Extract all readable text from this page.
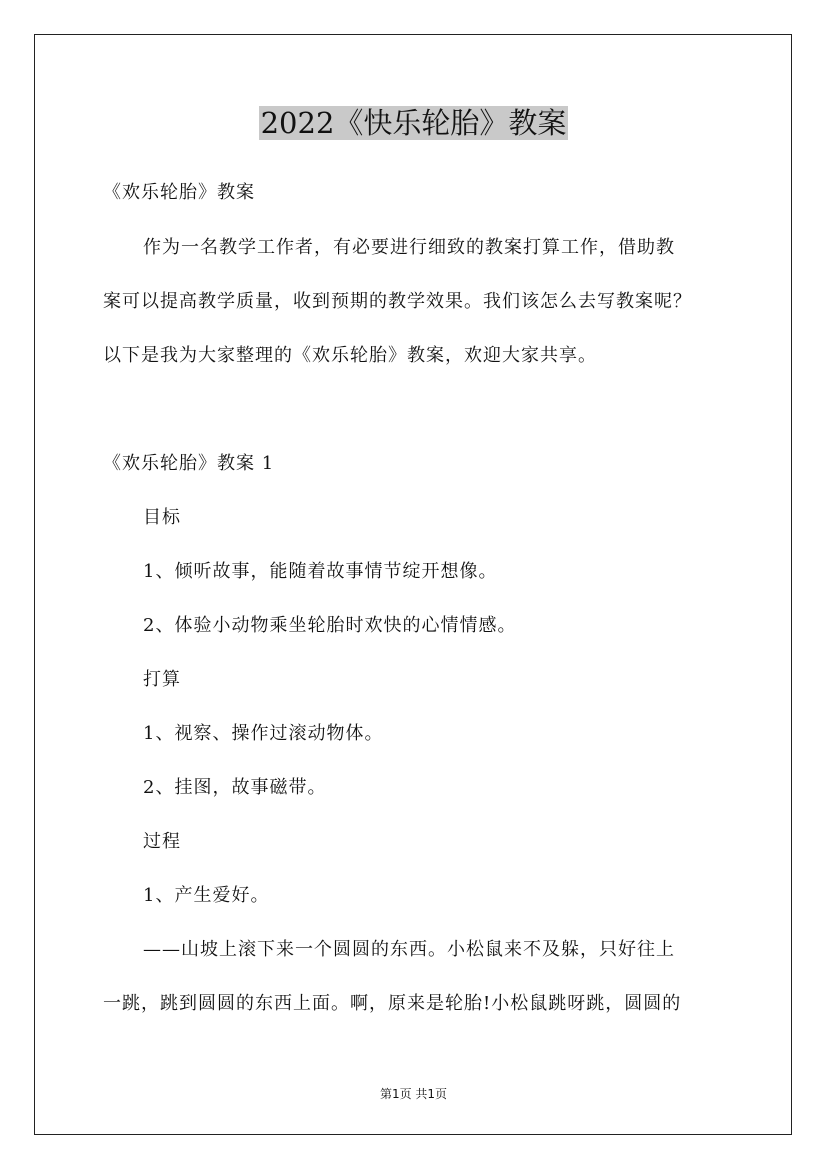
2022《快乐轮胎》教案
《欢乐轮胎》教案
作为一名教学工作者，有必要进行细致的教案打算工作，借助教
案可以提高教学质量，收到预期的教学效果。我们该怎么去写教案呢？
以下是我为大家整理的《欢乐轮胎》教案，欢迎大家共享。
《欢乐轮胎》教案 1
目标
1、倾听故事，能随着故事情节绽开想像。
2、体验小动物乘坐轮胎时欢快的心情情感。
打算
1、视察、操作过滚动物体。
2、挂图，故事磁带。
过程
1、产生爱好。
——山坡上滚下来一个圆圆的东西。小松鼠来不及躲，只好往上
一跳，跳到圆圆的东西上面。啊，原来是轮胎!小松鼠跳呀跳，圆圆的
第1页 共1页
